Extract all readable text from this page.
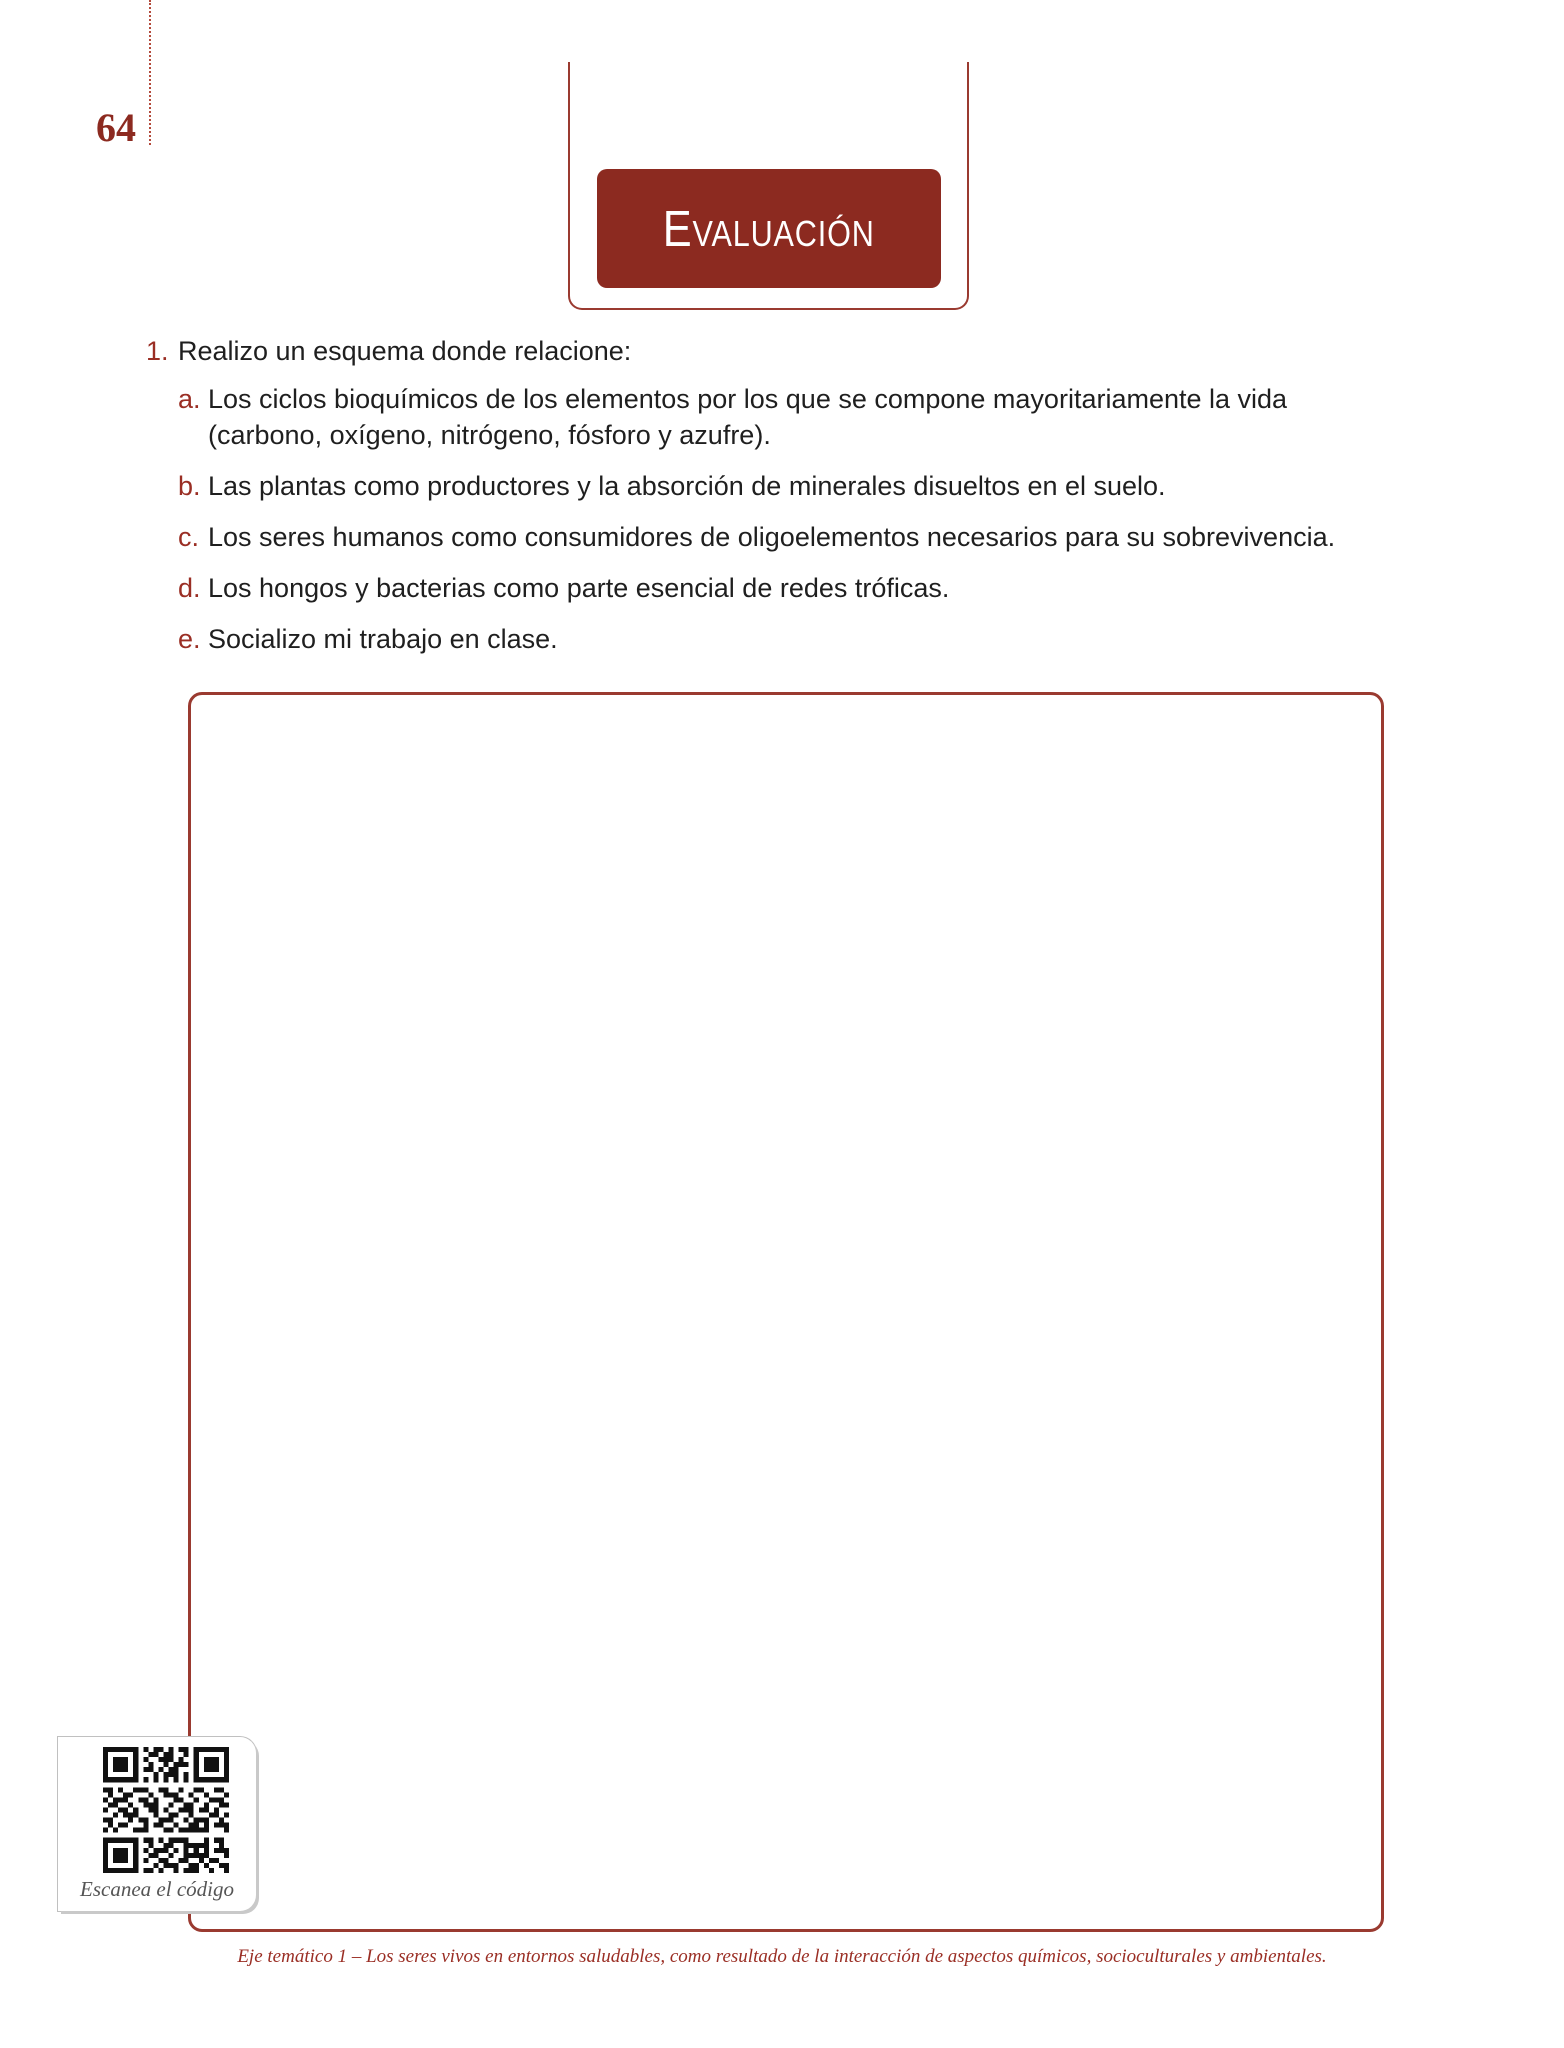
64
Evaluación
1. Realizo un esquema donde relacione:
a. Los ciclos bioquímicos de los elementos por los que se compone mayoritariamente la vida (carbono, oxígeno, nitrógeno, fósforo y azufre).
b. Las plantas como productores y la absorción de minerales disueltos en el suelo.
c. Los seres humanos como consumidores de oligoelementos necesarios para su sobrevivencia.
d. Los hongos y bacterias como parte esencial de redes tróficas.
e. Socializo mi trabajo en clase.
Escanea el código
Eje temático 1 – Los seres vivos en entornos saludables, como resultado de la interacción de aspectos químicos, socioculturales y ambientales.
